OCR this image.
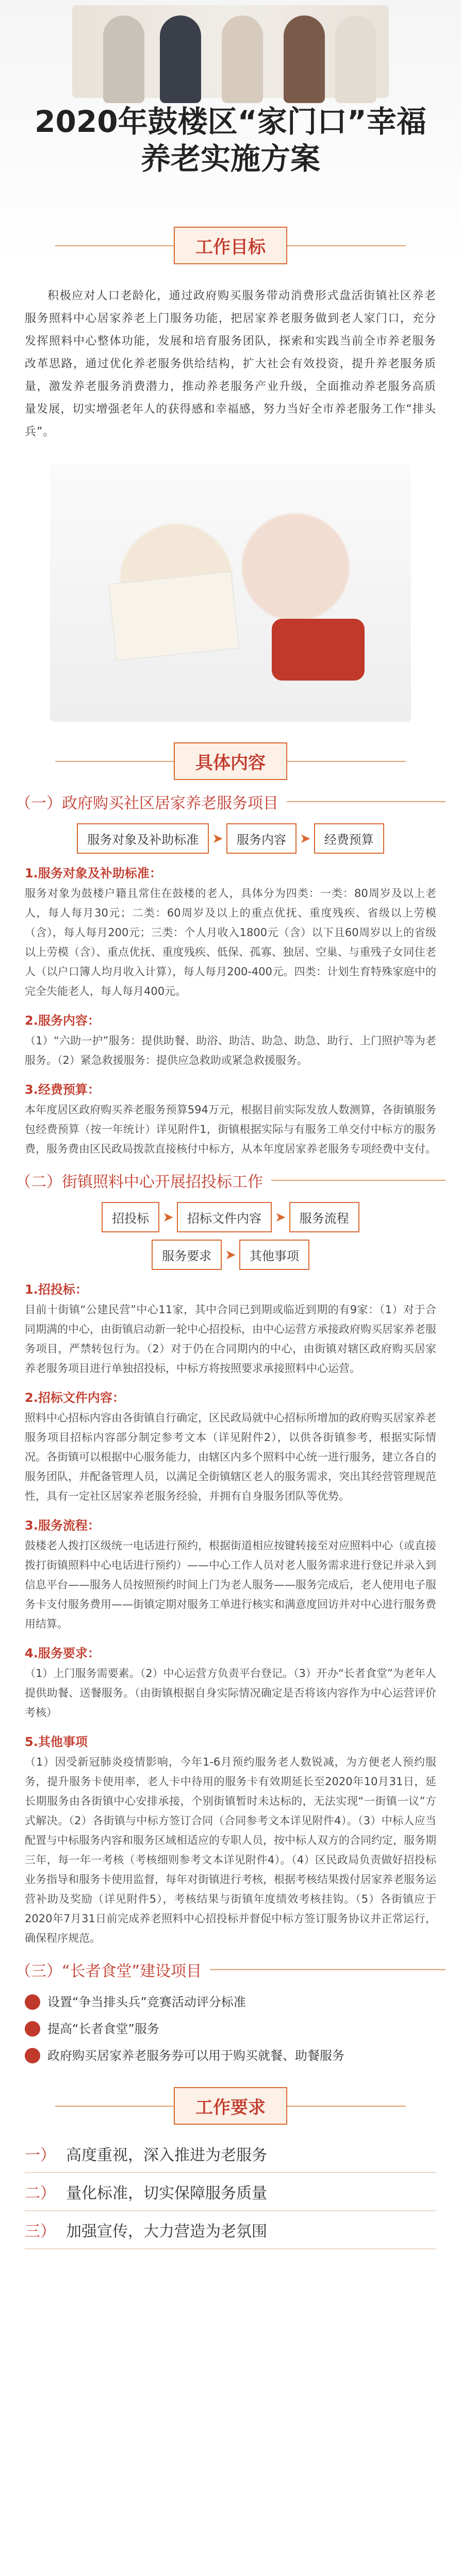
2020年鼓楼区“家门口”幸福养老实施方案
工作目标

积极应对人口老龄化，通过政府购买服务带动消费形式盘活街镇社区养老服务照料中心居家养老上门服务功能，把居家养老服务做到老人家门口，充分发挥照料中心整体功能，发展和培育服务团队，探索和实践当前全市养老服务改革思路，通过优化养老服务供给结构，扩大社会有效投资，提升养老服务质量，激发养老服务消费潜力，推动养老服务产业升级，全面推动养老服务高质量发展，切实增强老年人的获得感和幸福感，努力当好全市养老服务工作“排头兵”。

具体内容
（一）政府购买社区居家养老服务项目
服务对象及补助标准	➤	服务内容	➤	经费预算
1.服务对象及补助标准：
服务对象为鼓楼户籍且常住在鼓楼的老人，具体分为四类：一类：80周岁及以上老人，每人每月30元；二类：60周岁及以上的重点优抚、重度残疾、省级以上劳模（含），每人每月200元；三类：个人月收入1800元（含）以下且60周岁以上的省级以上劳模（含）、重点优抚、重度残疾、低保、孤寡、独居、空巢、与重残子女同住老人（以户口簿人均月收入计算），每人每月200-400元。四类：计划生育特殊家庭中的完全失能老人，每人每月400元。
2.服务内容：
（1）“六助一护”服务：提供助餐、助浴、助洁、助急、助急、助行、上门照护等为老服务。（2）紧急救援服务：提供应急救助或紧急救援服务。
3.经费预算：
本年度居区政府购买养老服务预算594万元，根据目前实际发放人数测算，各街镇服务包经费预算（按一年统计）详见附件1，街镇根据实际与有服务工单交付中标方的服务费，服务费由区民政局拨款直接核付中标方，从本年度居家养老服务专项经费中支付。
（二）街镇照料中心开展招投标工作
招投标	➤	招标文件内容	➤	服务流程
服务要求	➤	其他事项
1.招投标：
目前十街镇“公建民营”中心11家，其中合同已到期或临近到期的有9家：（1）对于合同期满的中心，由街镇启动新一轮中心招投标，由中心运营方承接政府购买居家养老服务项目，严禁转包行为。（2）对于仍在合同期内的中心，由街镇对辖区政府购买居家养老服务项目进行单独招投标，中标方将按照要求承接照料中心运营。
2.招标文件内容：
照料中心招标内容由各街镇自行确定，区民政局就中心招标所增加的政府购买居家养老服务项目招标内容部分制定参考文本（详见附件2），以供各街镇参考，根据实际情况。各街镇可以根据中心服务能力，由辖区内多个照料中心统一进行服务，建立各自的服务团队，并配备管理人员，以满足全街镇辖区老人的服务需求，突出其经营管理规范性，具有一定社区居家养老服务经验，并拥有自身服务团队等优势。
3.服务流程：
鼓楼老人拨打区级统一电话进行预约，根据街道相应按键转接至对应照料中心（或直接拨打街镇照料中心电话进行预约）——中心工作人员对老人服务需求进行登记并录入到信息平台——服务人员按照预约时间上门为老人服务——服务完成后，老人使用电子服务卡支付服务费用——街镇定期对服务工单进行核实和满意度回访并对中心进行服务费用结算。
4.服务要求：
（1）上门服务需要素。（2）中心运营方负责平台登记。（3）开办“长者食堂”为老年人提供助餐、送餐服务。（由街镇根据自身实际情况确定是否将该内容作为中心运营评价考核）
5.其他事项
（1）因受新冠肺炎疫情影响，今年1-6月预约服务老人数锐减，为方便老人预约服务，提升服务卡使用率，老人卡中待用的服务卡有效期延长至2020年10月31日，延长期服务由各街镇中心安排承接，个别街镇暂时未达标的，无法实现“一街镇一议”方式解决。（2）各街镇与中标方签订合同（合同参考文本详见附件4）。（3）中标人应当配置与中标服务内容和服务区域相适应的专职人员，按中标人双方的合同约定，服务期三年，每一年一考核（考核细则参考文本详见附件4）。（4）区民政局负责做好招投标业务指导和服务卡使用监督，每年对街镇进行考核，根据考核结果拨付居家养老服务运营补助及奖励（详见附件5），考核结果与街镇年度绩效考核挂钩。（5）各街镇应于2020年7月31日前完成养老照料中心招投标并督促中标方签订服务协议并正常运行，确保程序规范。
（三）“长者食堂”建设项目
设置“争当排头兵”竞赛活动评分标准
提高“长者食堂”服务
政府购买居家养老服务券可以用于购买就餐、助餐服务
工作要求
一） 高度重视，深入推进为老服务
二） 量化标准，切实保障服务质量
三） 加强宣传，大力营造为老氛围
